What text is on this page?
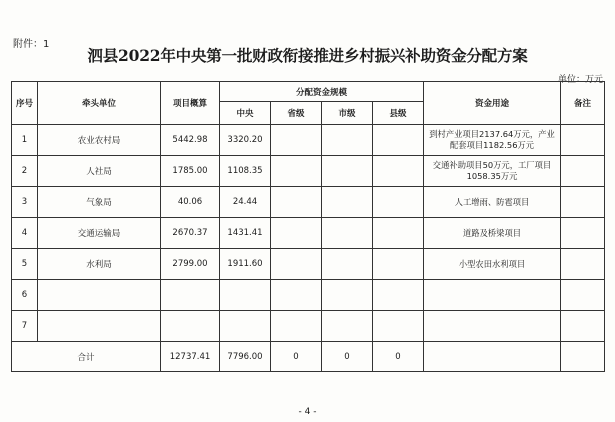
附件：1
泗县2022年中央第一批财政衔接推进乡村振兴补助资金分配方案
单位：万元
序号	牵头单位	项目概算	分配资金规模				资金用途	备注
			中央	省级	市级	县级		
1	农业农村局	5442.98	3320.20				到村产业项目2137.64万元，产业配套项目1182.56万元	
2	人社局	1785.00	1108.35				交通补助项目50万元，工厂项目1058.35万元	
3	气象局	40.06	24.44				人工增雨、防雹项目	
4	交通运输局	2670.37	1431.41				道路及桥梁项目	
5	水利局	2799.00	1911.60				小型农田水利项目	
6								
7								
合计		12737.41	7796.00	0	0	0		
- 4 -
